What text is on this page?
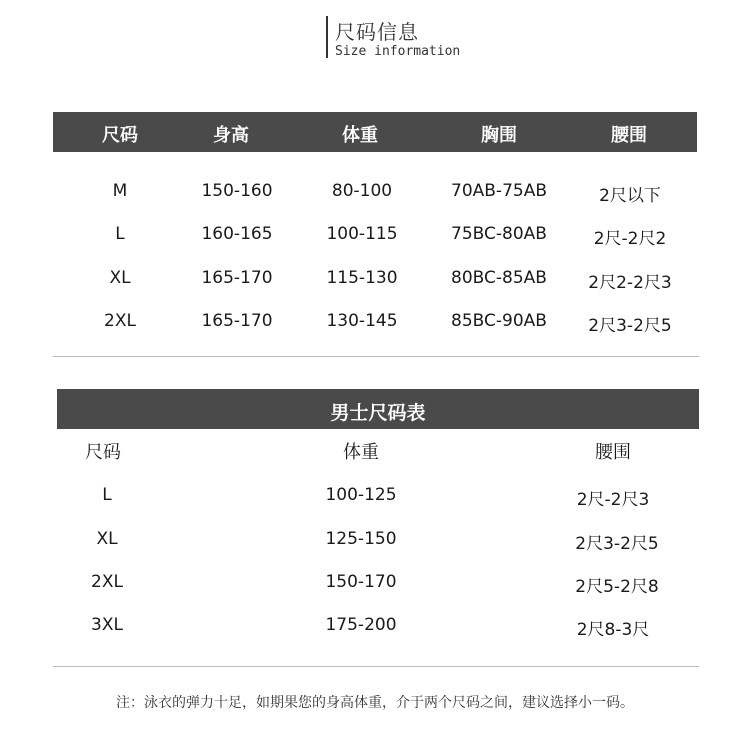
尺码信息
Size information
尺码	身高	体重	胸围	腰围
M	150-160	80-100	70AB-75AB	2尺以下
L	160-165	100-115	75BC-80AB	2尺-2尺2
XL	165-170	115-130	80BC-85AB 2尺2-2尺3
2XL	165-170	130-145	85BC-90AB 2尺3-2尺5
男士尺码表
尺码	体重	腰围
L	100-125	2尺-2尺3
XL	125-150	2尺3-2尺5
2XL	150-170	2尺5-2尺8
3XL	175-200	2尺8-3尺
注：泳衣的弹力十足，如期果您的身高体重，介于两个尺码之间，建议选择小一码。
